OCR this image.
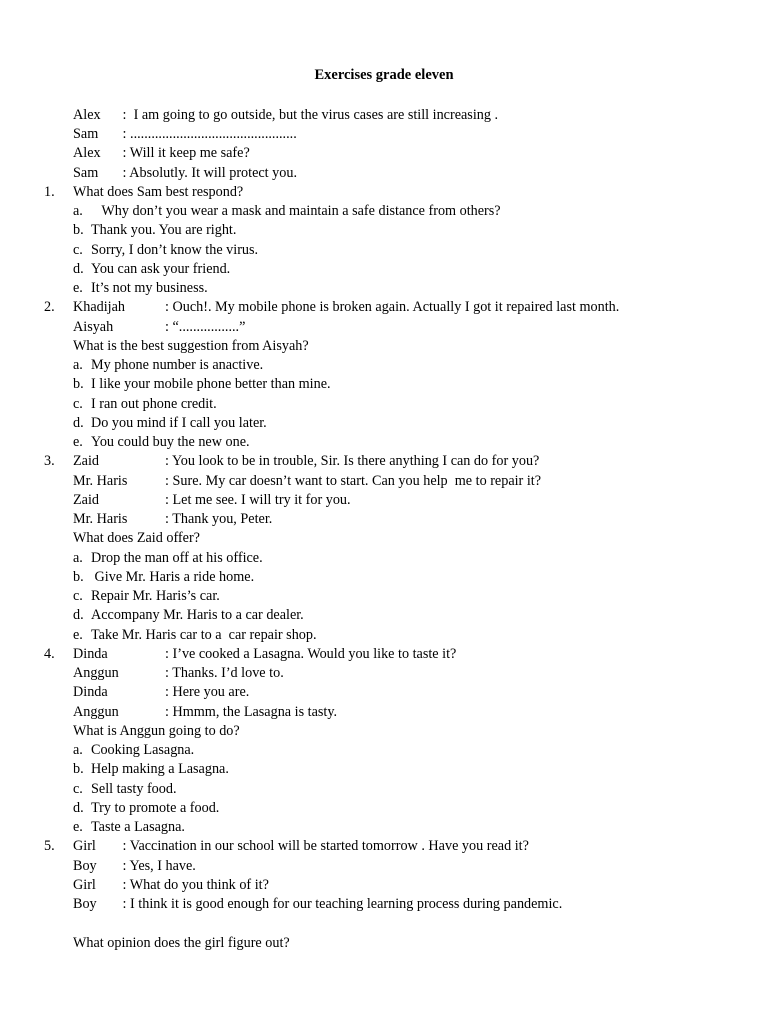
Exercises grade eleven
Alex :  I am going to go outside, but the virus cases are still increasing .
Sam : ...............................................
Alex : Will it keep me safe?
Sam : Absolutly. It will protect you.
1. What does Sam best respond?
a.   Why don’t you wear a mask and maintain a safe distance from others?
b. Thank you. You are right.
c. Sorry, I don’t know the virus.
d. You can ask your friend.
e. It’s not my business.
2. Khadijah	: Ouch!. My mobile phone is broken again. Actually I got it repaired last month.
Aisyah	: “.................”
What is the best suggestion from Aisyah?
a. My phone number is anactive.
b. I like your mobile phone better than mine.
c. I ran out phone credit.
d. Do you mind if I call you later.
e. You could buy the new one.
3. Zaid	: You look to be in trouble, Sir. Is there anything I can do for you?
Mr. Haris	: Sure. My car doesn’t want to start. Can you help  me to repair it?
Zaid	: Let me see. I will try it for you.
Mr. Haris	: Thank you, Peter.
What does Zaid offer?
a. Drop the man off at his office.
b. Give Mr. Haris a ride home.
c. Repair Mr. Haris’s car.
d. Accompany Mr. Haris to a car dealer.
e. Take Mr. Haris car to a  car repair shop.
4. Dinda	: I’ve cooked a Lasagna. Would you like to taste it?
Anggun	: Thanks. I’d love to.
Dinda	: Here you are.
Anggun	: Hmmm, the Lasagna is tasty.
What is Anggun going to do?
a. Cooking Lasagna.
b. Help making a Lasagna.
c. Sell tasty food.
d. Try to promote a food.
e. Taste a Lasagna.
5. Girl : Vaccination in our school will be started tomorrow . Have you read it?
Boy : Yes, I have.
Girl : What do you think of it?
Boy : I think it is good enough for our teaching learning process during pandemic.
What opinion does the girl figure out?
